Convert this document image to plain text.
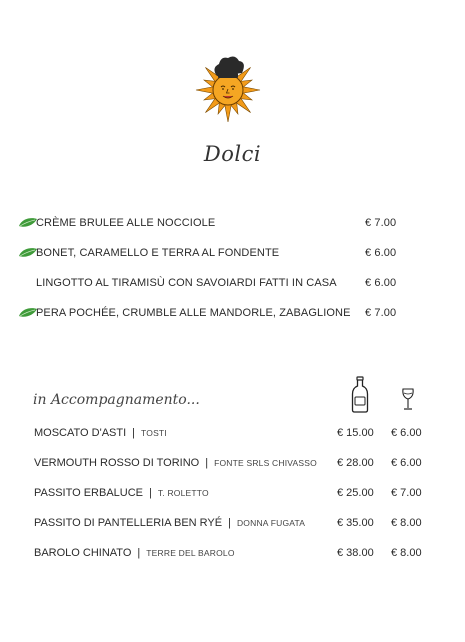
Dolci
CRÈME BRULEE ALLE NOCCIOLE	€ 7.00
BONET, CARAMELLO E TERRA AL FONDENTE	€ 6.00
LINGOTTO AL TIRAMISÙ CON SAVOIARDI FATTI IN CASA	€ 6.00
PERA POCHÉE, CRUMBLE ALLE MANDORLE, ZABAGLIONE € 7.00
in Accompagnamento...
MOSCATO D'ASTI | TOSTI	€ 15.00 € 6.00
VERMOUTH ROSSO DI TORINO | FONTE SRLS CHIVASSO € 28.00 € 6.00
PASSITO ERBALUCE | T. ROLETTO	€ 25.00 € 7.00
PASSITO DI PANTELLERIA BEN RYÉ | DONNA FUGATA	€ 35.00 € 8.00
BAROLO CHINATO | TERRE DEL BAROLO	€ 38.00 € 8.00
